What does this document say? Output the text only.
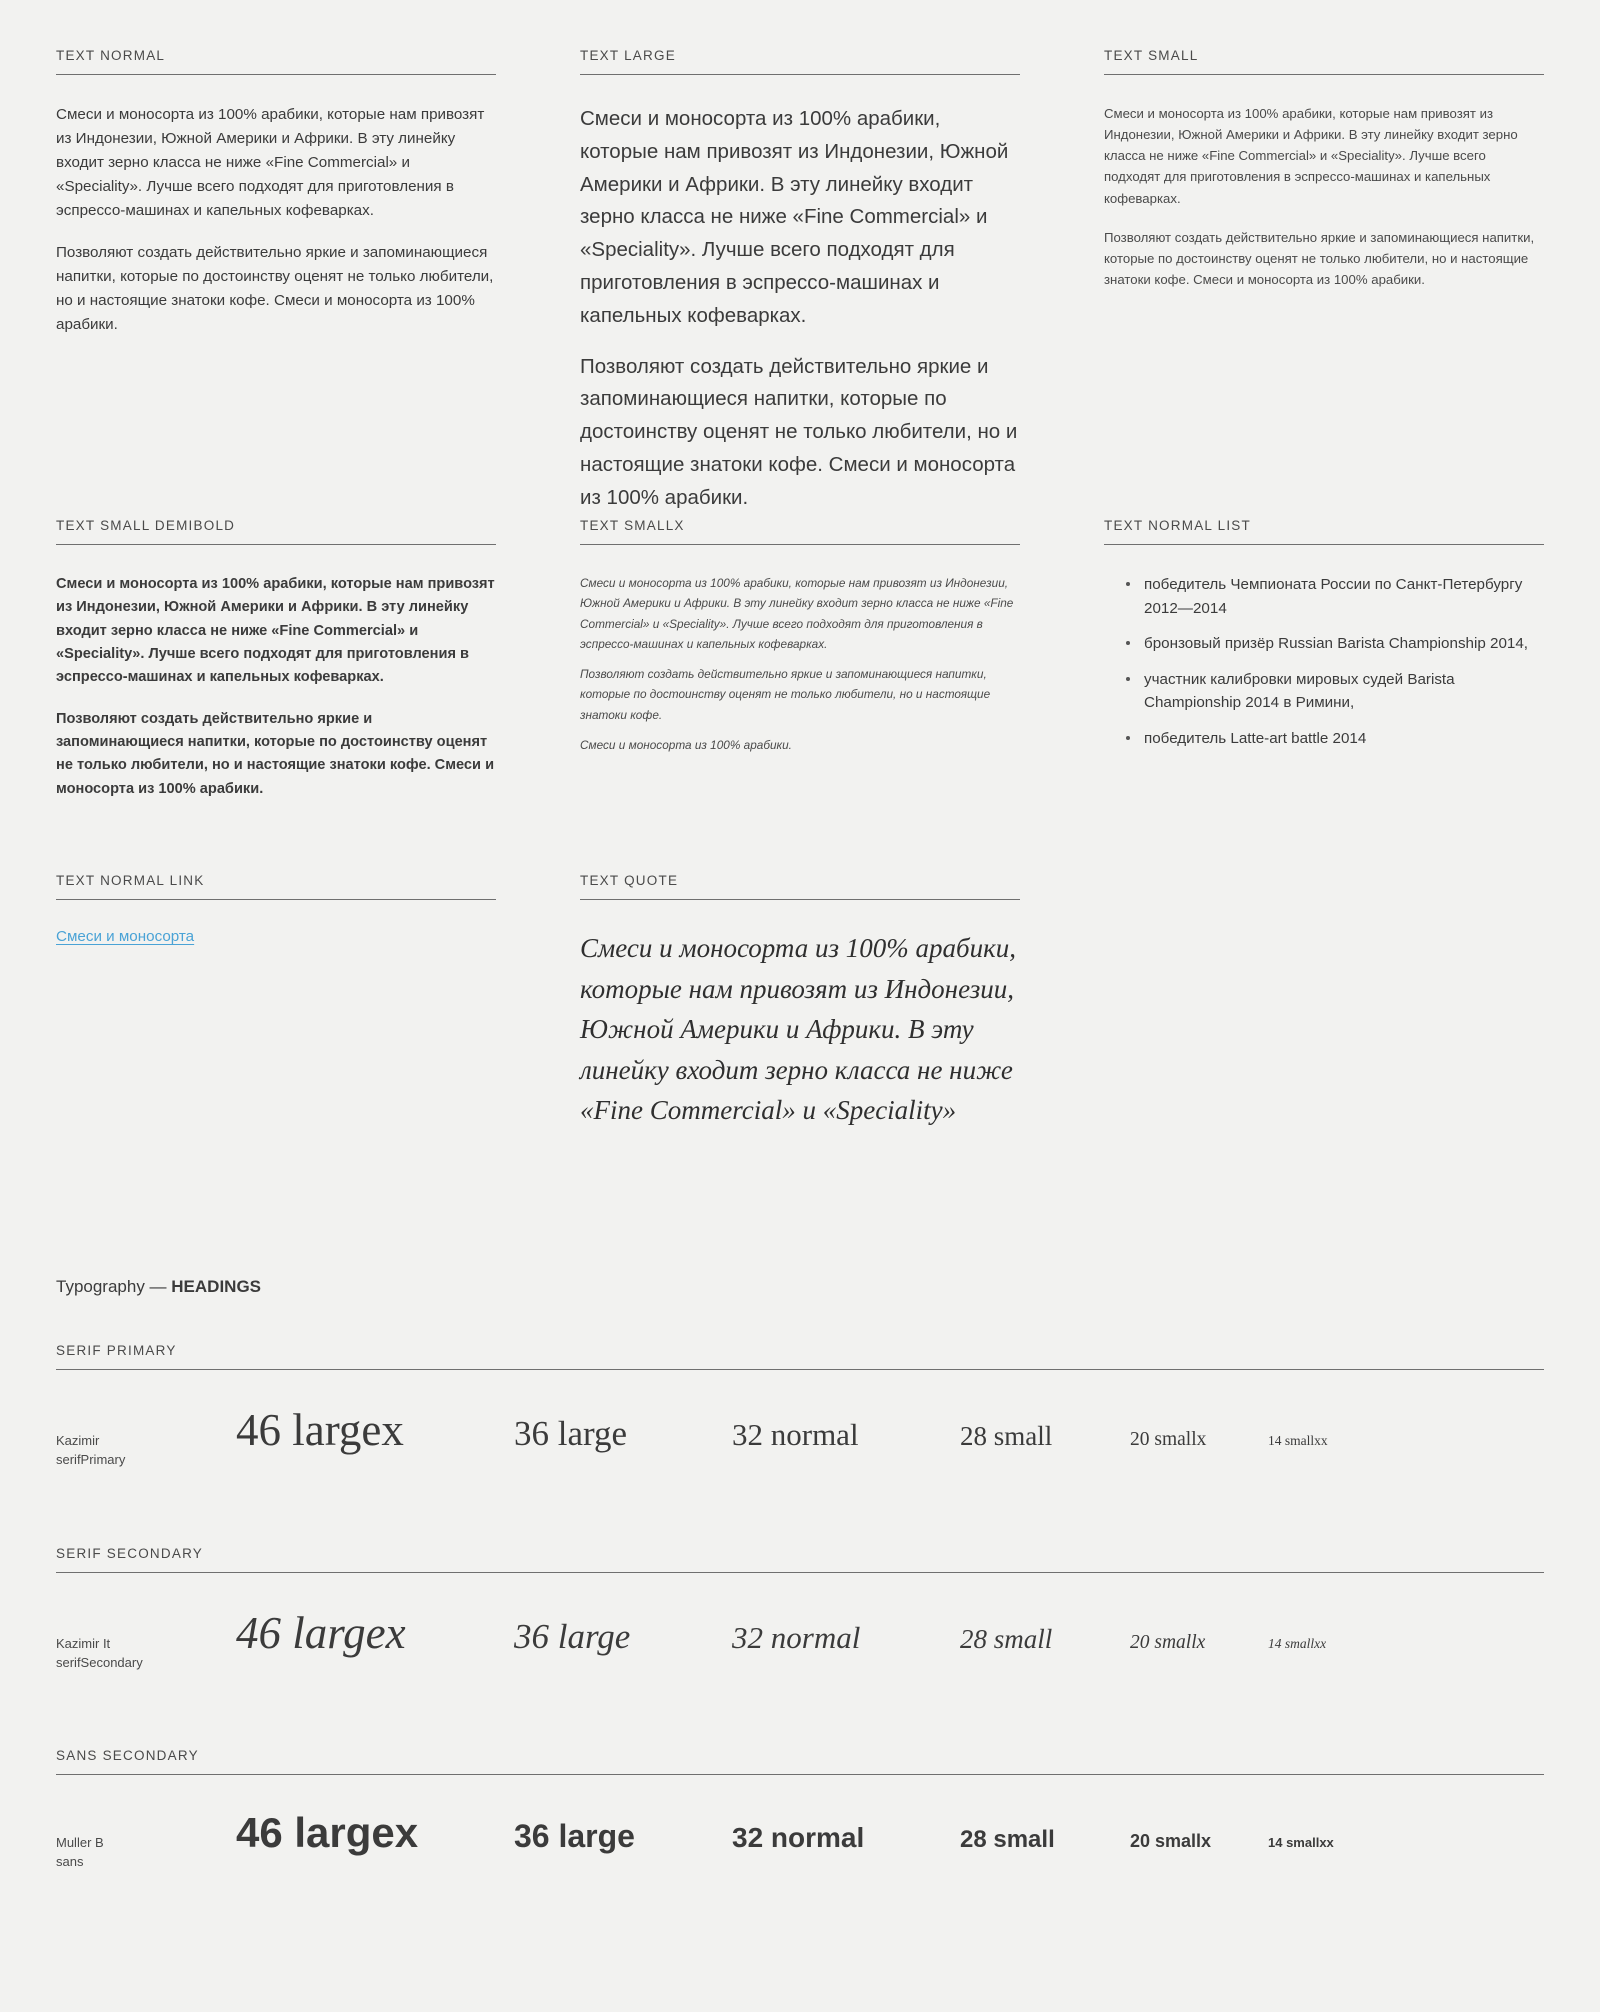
TEXT NORMAL

Смеси и моносорта из 100% арабики, которые нам привозят из Индонезии, Южной Америки и Африки. В эту линейку входит зерно класса не ниже «Fine Commercial» и «Speciality». Лучше всего подходят для приготовления в эспрессо-машинах и капельных кофеварках.

Позволяют создать действительно яркие и запоминающиеся напитки, которые по достоинству оценят не только любители, но и настоящие знатоки кофе. Смеси и моносорта из 100% арабики.

TEXT LARGE

Смеси и моносорта из 100% арабики, которые нам привозят из Индонезии, Южной Америки и Африки. В эту линейку входит зерно класса не ниже «Fine Commercial» и «Speciality». Лучше всего подходят для приготовления в эспрессо-машинах и капельных кофеварках.

Позволяют создать действительно яркие и запоминающиеся напитки, которые по достоинству оценят не только любители, но и настоящие знатоки кофе. Смеси и моносорта из 100% арабики.

TEXT SMALL

Смеси и моносорта из 100% арабики, которые нам привозят из Индонезии, Южной Америки и Африки. В эту линейку входит зерно класса не ниже «Fine Commercial» и «Speciality». Лучше всего подходят для приготовления в эспрессо-машинах и капельных кофеварках.

Позволяют создать действительно яркие и запоминающиеся напитки, которые по достоинству оценят не только любители, но и настоящие знатоки кофе. Смеси и моносорта из 100% арабики.

TEXT SMALL DEMIBOLD

Смеси и моносорта из 100% арабики, которые нам привозят из Индонезии, Южной Америки и Африки. В эту линейку входит зерно класса не ниже «Fine Commercial» и «Speciality». Лучше всего подходят для приготовления в эспрессо-машинах и капельных кофеварках.

Позволяют создать действительно яркие и запоминающиеся напитки, которые по достоинству оценят не только любители, но и настоящие знатоки кофе. Смеси и моносорта из 100% арабики.

TEXT SMALLX

Смеси и моносорта из 100% арабики, которые нам привозят из Индонезии, Южной Америки и Африки. В эту линейку входит зерно класса не ниже «Fine Commercial» и «Speciality». Лучше всего подходят для приготовления в эспрессо-машинах и капельных кофеварках.

Позволяют создать действительно яркие и запоминающиеся напитки, которые по достоинству оценят не только любители, но и настоящие знатоки кофе.

Смеси и моносорта из 100% арабики.

TEXT NORMAL LIST
победитель Чемпионата России по Санкт-Петербургу 2012—2014
бронзовый призёр Russian Barista Championship 2014,
участник калибровки мировых судей Barista Championship 2014 в Римини,
победитель Latte-art battle 2014
TEXT NORMAL LINK
Смеси и моносорта
TEXT QUOTE

Смеси и моносорта из 100% арабики, которые нам привозят из Индонезии, Южной Америки и Африки. В эту линейку входит зерно класса не ниже «Fine Commercial» и «Speciality»

Typography — HEADINGS
SERIF PRIMARY
Kazimir
serifPrimary
46 largex	36 large	32 normal	28 small	20 smallx	14 smallxx
SERIF SECONDARY
Kazimir It
serifSecondary
46 largex	36 large	32 normal	28 small	20 smallx	14 smallxx
SANS SECONDARY
Muller B
sans
46 largex	36 large	32 normal	28 small	20 smallx	14 smallxx
